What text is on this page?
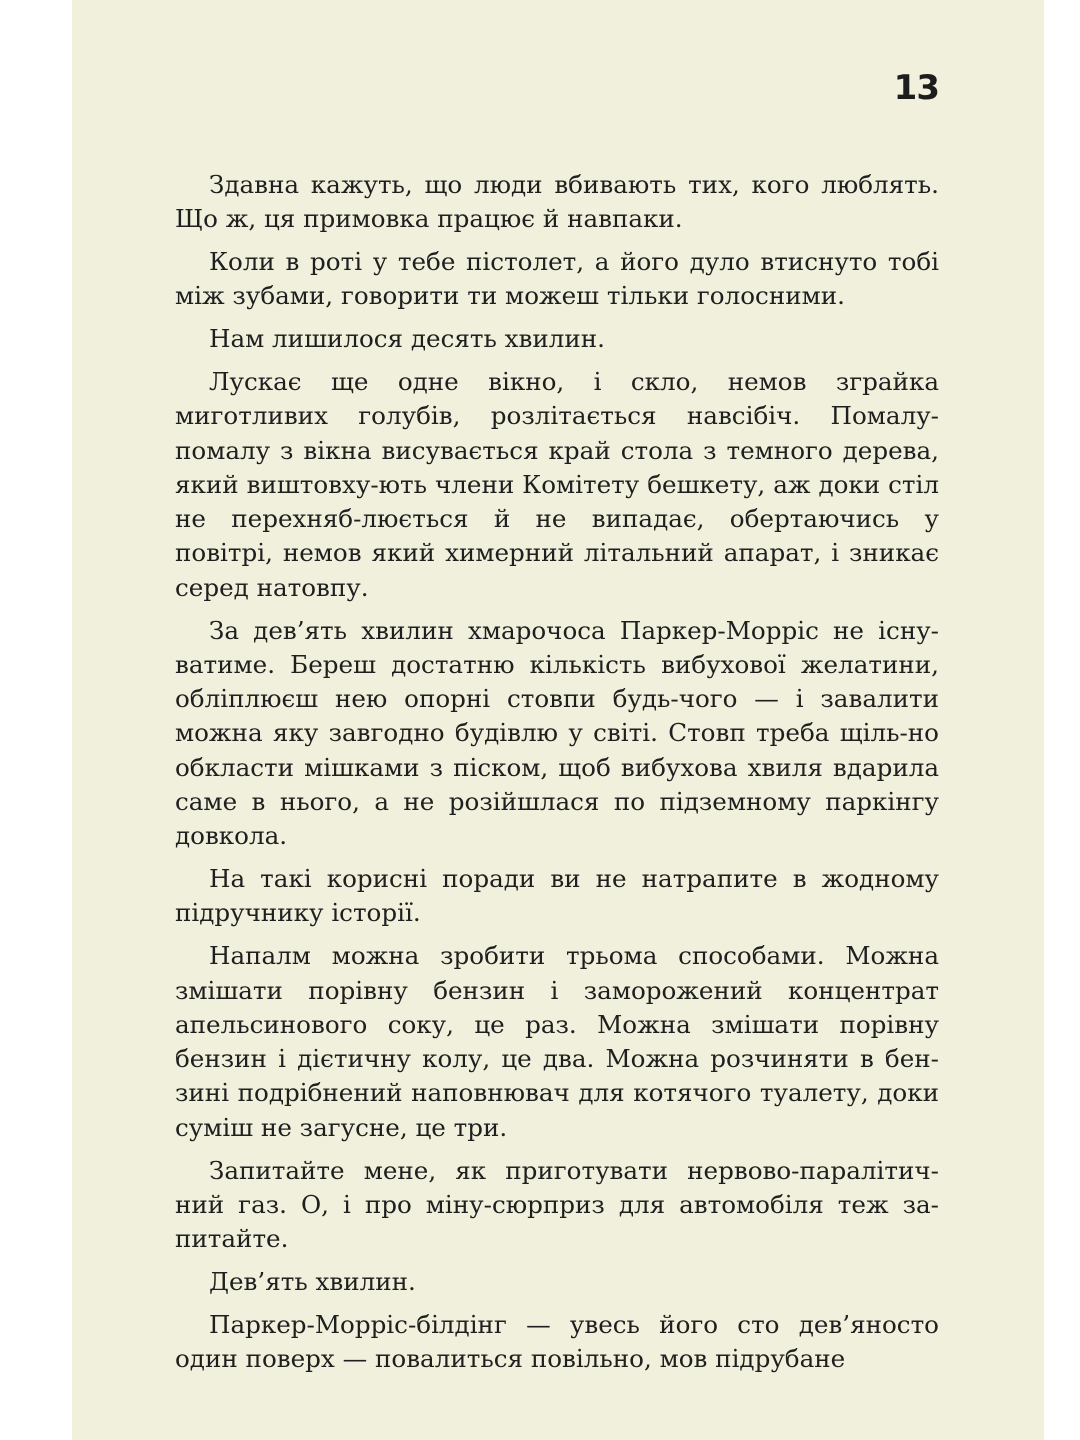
13

Здавна кажуть, що люди вбивають тих, кого люблять. Що ж, ця примовка працює й навпаки.

Коли в роті у тебе пістолет, а його дуло втиснуто тобі між зубами, говорити ти можеш тільки голосними.

Нам лишилося десять хвилин.

Лускає ще одне вікно, і скло, немов зграйка миготливих голубів, розлітається навсібіч. Помалу-помалу з вікна висувається край стола з темного дерева, який виштовху-ють члени Комітету бешкету, аж доки стіл не перехняб-люється й не випадає, обертаючись у повітрі, немов який химерний літальний апарат, і зникає серед натовпу.

За дев’ять хвилин хмарочоса Паркер-Морріс не існу-ватиме. Береш достатню кількість вибухової желатини, обліплюєш нею опорні стовпи будь-чого — і завалити можна яку завгодно будівлю у світі. Стовп треба щіль-но обкласти мішками з піском, щоб вибухова хвиля вдарила саме в нього, а не розійшлася по підземному паркінгу довкола.

На такі корисні поради ви не натрапите в жодному підручнику історії.

Напалм можна зробити трьома способами. Можна змішати порівну бензин і заморожений концентрат апельсинового соку, це раз. Можна змішати порівну бензин і дієтичну колу, це два. Можна розчиняти в бен-зині подрібнений наповнювач для котячого туалету, доки суміш не загусне, це три.

Запитайте мене, як приготувати нервово-паралітич-ний газ. О, і про міну-сюрприз для автомобіля теж за-питайте.

Дев’ять хвилин.

Паркер-Морріс-білдінг — увесь його сто дев’яносто один поверх — повалиться повільно, мов підрубане
